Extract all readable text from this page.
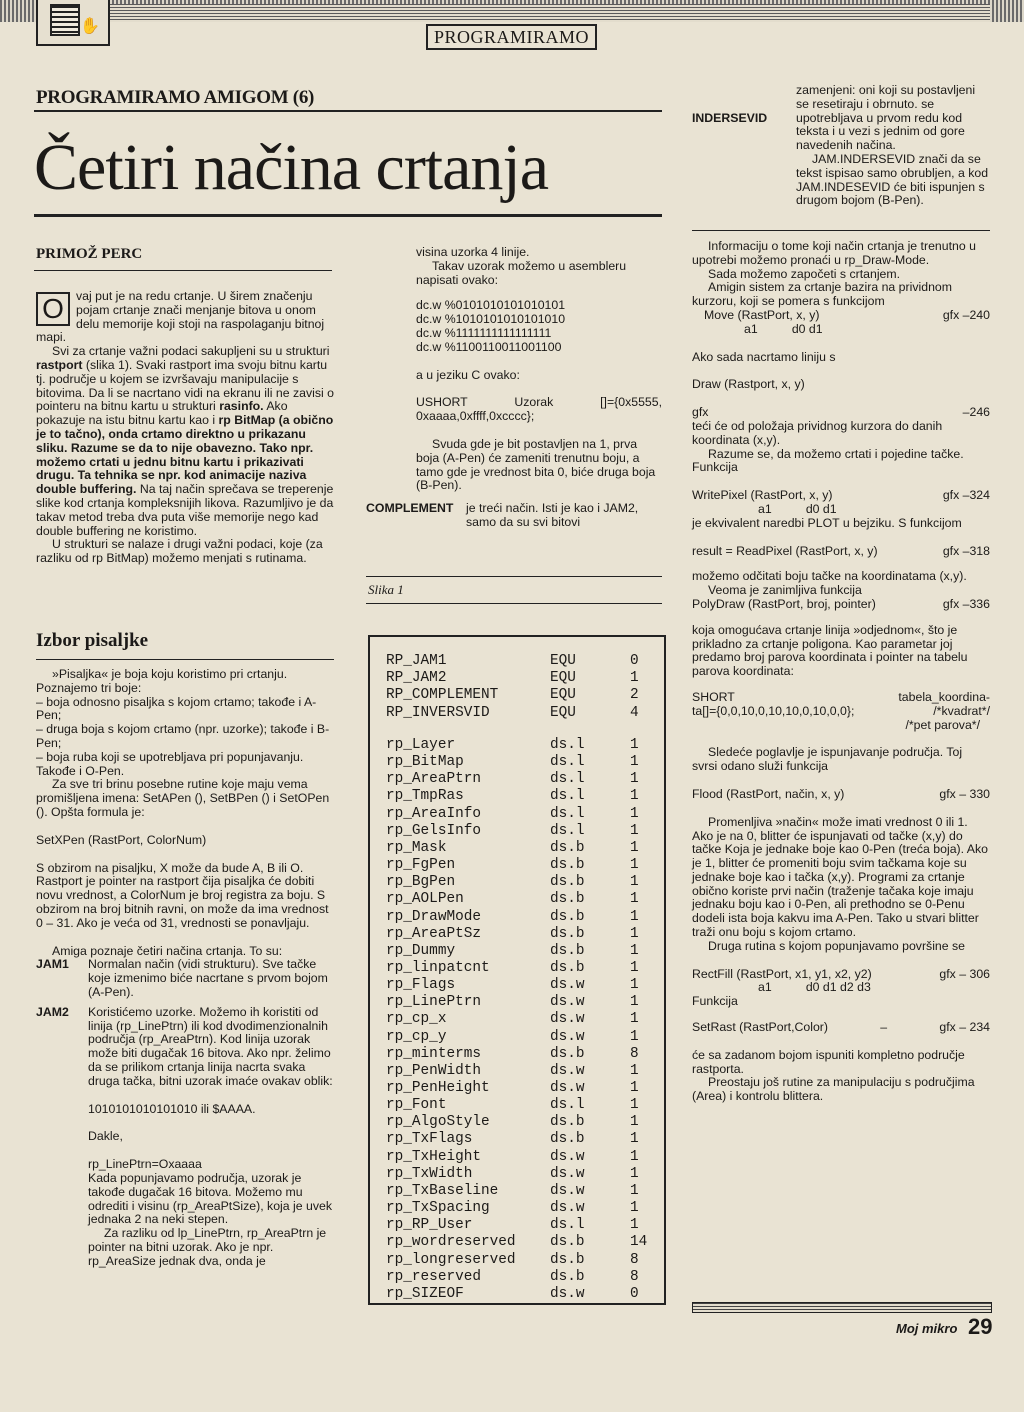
✋
PROGRAMIRAMO
PROGRAMIRAMO AMIGOM (6)
Četiri načina crtanja
PRIMOŽ PERC

O vaj put je na redu crtanje. U širem značenju pojam crtanje znači menjanje bitova u onom delu memorije koji stoji na raspolaganju bitnoj mapi.

Svi za crtanje važni podaci sakupljeni su u strukturi rastport (slika 1). Svaki rastport ima svoju bitnu kartu tj. područje u kojem se izvršavaju manipulacije s bitovima. Da li se nacrtano vidi na ekranu ili ne zavisi o pointeru na bitnu kartu u strukturi rasinfo. Ako pokazuje na istu bitnu kartu kao i rp BitMap (a obično je to tačno), onda crtamo direktno u prikazanu sliku. Razume se da to nije obavezno. Tako npr. možemo crtati u jednu bitnu kartu i prikazivati drugu. Ta tehnika se npr. kod animacije naziva double buffering. Na taj način sprečava se treperenje slike kod crtanja kompleksnijih likova. Razumljivo je da takav metod treba dva puta više memorije nego kad double buffering ne koristimo.

U strukturi se nalaze i drugi važni podaci, koje (za razliku od rp BitMap) možemo menjati s rutinama.

Izbor pisaljke

»Pisaljka« je boja koju koristimo pri crtanju. Poznajemo tri boje:

– boja odnosno pisaljka s kojom crtamo; takođe i A-Pen;

– druga boja s kojom crtamo (npr. uzorke); takođe i B-Pen;

– boja ruba koji se upotrebljava pri popunjavanju. Takođe i O-Pen.

Za sve tri brinu posebne rutine koje maju vema promišljena imena: SetAPen (), SetBPen () i SetOPen (). Opšta formula je:

SetXPen (RastPort, ColorNum)

S obzirom na pisaljku, X može da bude A, B ili O. Rastport je pointer na rastport čija pisaljka će dobiti novu vrednost, a ColorNum je broj registra za boju. S obzirom na broj bitnih ravni, on može da ima vrednost 0 – 31. Ako je veća od 31, vrednosti se ponavljaju.

Amiga poznaje četiri načina crtanja. To su:

JAM1	Normalan način (vidi strukturu). Sve tačke koje izmenimo biće nacrtane s prvom bojom (A-Pen).
JAM2	Koristićemo uzorke. Možemo ih koristiti od linija (rp_LinePtrn) ili kod dvodimenzionalnih područja (rp_AreaPtrn). Kod linija uzorak može biti dugačak 16 bitova. Ako npr. želimo da se prilikom crtanja linija nacrta svaka druga tačka, bitni uzorak imaće ovakav oblik:

1010101010101010 ili $AAAA.

Dakle,

rp_LinePtrn=Oxaaaa

Kada popunjavamo područja, uzorak je takođe dugačak 16 bitova. Možemo mu odrediti i visinu (rp_AreaPtSize), koja je uvek jednaka 2 na neki stepen.

Za razliku od lp_LinePtrn, rp_AreaPtrn je pointer na bitni uzorak. Ako je npr. rp_AreaSize jednak dva, onda je

visina uzorka 4 linije.

Takav uzorak možemo u asembleru napisati ovako:

dc.w %0101010101010101

dc.w %1010101010101010

dc.w %1111111111111111

dc.w %1100110011001100

a u jeziku C ovako:

USHORT Uzorak []={0x5555, 0xaaaa,0xffff,0xcccc};

Svuda gde je bit postavljen na 1, prva boja (A-Pen) će zameniti trenutnu boju, a tamo gde je vrednost bita 0, biće druga boja (B-Pen).

COMPLEMENT	je treći način. Isti je kao i JAM2, samo da su svi bitovi
Slika 1
RP_JAM1	EQU	0
RP_JAM2	EQU	1
RP_COMPLEMENT	EQU	2
RP_INVERSVID	EQU	4
rp_Layer	ds.l	1
rp_BitMap	ds.l	1
rp_AreaPtrn	ds.l	1
rp_TmpRas	ds.l	1
rp_AreaInfo	ds.l	1
rp_GelsInfo	ds.l	1
rp_Mask	ds.b	1
rp_FgPen	ds.b	1
rp_BgPen	ds.b	1
rp_AOLPen	ds.b	1
rp_DrawMode	ds.b	1
rp_AreaPtSz	ds.b	1
rp_Dummy	ds.b	1
rp_linpatcnt	ds.b	1
rp_Flags	ds.w	1
rp_LinePtrn	ds.w	1
rp_cp_x	ds.w	1
rp_cp_y	ds.w	1
rp_minterms	ds.b	8
rp_PenWidth	ds.w	1
rp_PenHeight	ds.w	1
rp_Font	ds.l	1
rp_AlgoStyle	ds.b	1
rp_TxFlags	ds.b	1
rp_TxHeight	ds.w	1
rp_TxWidth	ds.w	1
rp_TxBaseline	ds.w	1
rp_TxSpacing	ds.w	1
rp_RP_User	ds.l	1
rp_wordreserved ds.b	14
rp_longreserved ds.b	8
rp_reserved	ds.b	8
rp_SIZEOF	ds.w	0
INDERSEVID

zamenjeni: oni koji su postavljeni se resetiraju i obrnuto. se upotrebljava u prvom redu kod teksta i u vezi s jednim od gore navedenih načina.

JAM.INDERSEVID znači da se tekst ispisao samo obrubljen, a kod JAM.INDESEVID će biti ispunjen s drugom bojom (B-Pen).

Informaciju o tome koji način crtanja je trenutno u upotrebi možemo pronaći u rp_Draw-Mode.

Sada možemo započeti s crtanjem.

Amigin sistem za crtanje bazira na prividnom kurzoru, koji se pomera s funkcijom

Move (RastPort, x, y)	gfx –240

a1          d0 d1

Ako sada nacrtamo liniju s

Draw (Rastport, x, y)

gfx	–246

teći će od položaja prividnog kurzora do danih koordinata (x,y).

Razume se, da možemo crtati i pojedine tačke. Funkcija

WritePixel (RastPort, x, y)	gfx –324

a1          d0 d1

je ekvivalent naredbi PLOT u bejziku. S funkcijom

result = ReadPixel (RastPort, x, y)	gfx –318

možemo odčitati boju tačke na koordinatama (x,y).

Veoma je zanimljiva funkcija

PolyDraw (RastPort, broj, pointer)	gfx –336

koja omogućava crtanje linija »odjednom«, što je prikladno za crtanje poligona. Kao parametar joj predamo broj parova koordinata i pointer na tabelu parova koordinata:

SHORT	tabela_koordina-
ta[]={0,0,10,0,10,10,0,10,0,0};	/*kvadrat*/
/*pet parova*/

Sledeće poglavlje je ispunjavanje područja. Toj svrsi odano služi funkcija

Flood (RastPort, način, x, y)	gfx – 330

Promenljiva »način« može imati vrednost 0 ili 1. Ako je na 0, blitter će ispunjavati od tačke (x,y) do tačke Koja je jednake boje kao 0-Pen (treća boja). Ako je 1, blitter će promeniti boju svim tačkama koje su jednake boje kao i tačka (x,y). Programi za crtanje obično koriste prvi način (traženje tačaka koje imaju jednaku boju kao i 0-Pen, ali prethodno se 0-Penu dodeli ista boja kakvu ima A-Pen. Tako u stvari blitter traži onu boju s kojom crtamo.

Druga rutina s kojom popunjavamo površine se

RectFill (RastPort, x1, y1, x2, y2)	gfx – 306

a1          d0 d1 d2 d3

Funkcija

SetRast (RastPort,Color)	–	gfx – 234

će sa zadanom bojom ispuniti kompletno područje rastporta.

Preostaju još rutine za manipulaciju s područjima (Area) i kontrolu blittera.

Moj mikro 29
